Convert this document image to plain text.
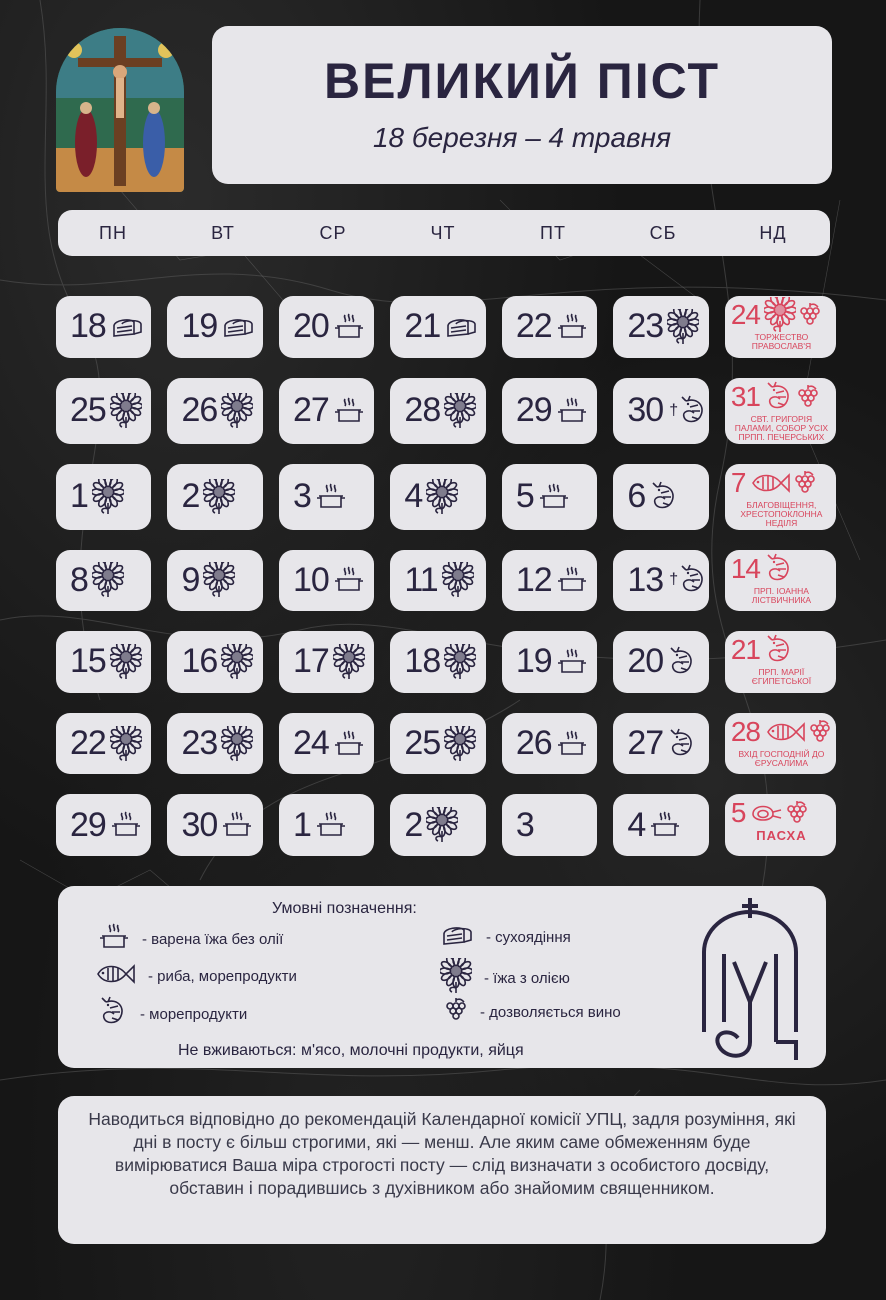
ВЕЛИКИЙ ПІСТ
18 березня – 4 травня
ПН	ВТ	СР	ЧТ	ПТ	СБ	НД
18 19 20 21 22 23 24
ТОРЖЕСТВО ПРАВОСЛАВ'Я
25 26 27 28 29 30 † 31
СВТ. ГРИГОРІЯ ПАЛАМИ, СОБОР УСІХ ПРПП. ПЕЧЕРСЬКИХ
1	2	3	4	5	6	7
БЛАГОВІЩЕННЯ, ХРЕСТОПОКЛОННА НЕДІЛЯ
8	9	10 11 12 13 † 14
ПРП. ІОАННА ЛІСТВИЧНИКА
15 16 17 18 19 20 21
ПРП. МАРІЇ ЄГИПЕТСЬКОЇ
22 23 24 25 26 27 28
ВХІД ГОСПОДНІЙ ДО ЄРУСАЛИМА
29 30 1	2	3	4	5
ПАСХА
Умовні позначення:
- варена їжа без олії
- риба, морепродукти
- морепродукти
- сухоядіння
- їжа з олією
- дозволяється вино
Не вживаються: м'ясо, молочні продукти, яйця
Наводиться відповідно до рекомендацій Календарної комісії УПЦ, задля розуміння, які дні в посту є більш строгими, які — менш. Але яким саме обмеженням буде вимірюватися Ваша міра строгості посту — слід визначати з особистого досвіду, обставин і порадившись з духівником або знайомим священником.
